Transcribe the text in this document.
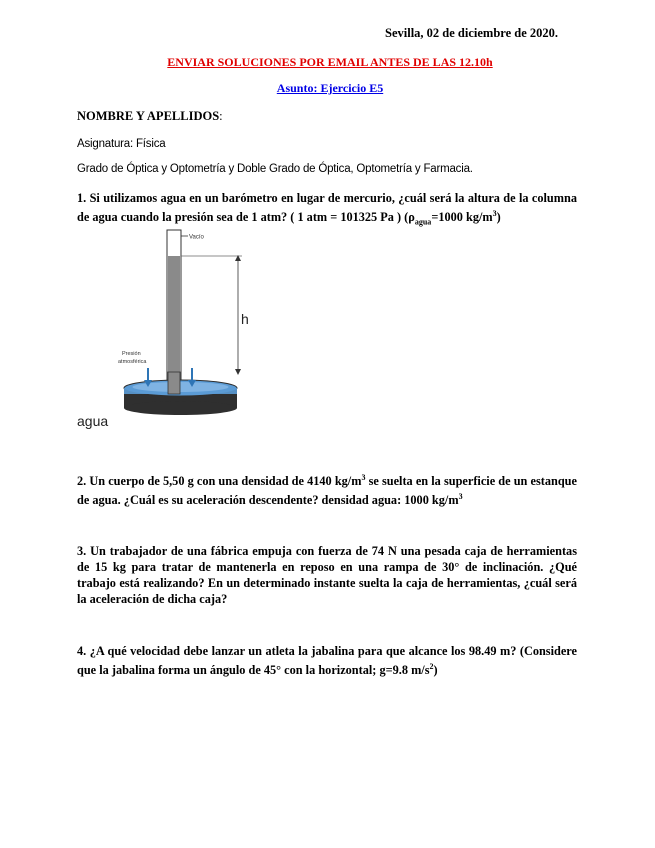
Sevilla, 02 de diciembre de 2020.
ENVIAR SOLUCIONES POR EMAIL ANTES DE LAS 12.10h
Asunto: Ejercicio E5
NOMBRE Y APELLIDOS:
Asignatura: Física
Grado de Óptica y Optometría y Doble Grado de Óptica, Optometría y Farmacia.
1. Si utilizamos agua en un barómetro en lugar de mercurio, ¿cuál será la altura de la columna de agua cuando la presión sea de 1 atm? ( 1 atm = 101325 Pa ) ($\rho_{agua}=1000$ $kg/m^3$)
Vacío
h
Presión
atmosférica
agua
2. Un cuerpo de 5,50 g con una densidad de 4140 $kg/m^3$ se suelta en la superficie de un estanque de agua. ¿Cuál es su aceleración descendente? densidad agua: 1000 $kg/m^3$
3. Un trabajador de una fábrica empuja con fuerza de 74 N una pesada caja de herramientas de 15 kg para tratar de mantenerla en reposo en una rampa de 30° de inclinación. ¿Qué trabajo está realizando? En un determinado instante suelta la caja de herramientas, ¿cuál será la aceleración de dicha caja?
4. ¿A qué velocidad debe lanzar un atleta la jabalina para que alcance los 98.49 m? (Considere que la jabalina forma un ángulo de 45° con la horizontal; g=9.8 $m/s^2$)
